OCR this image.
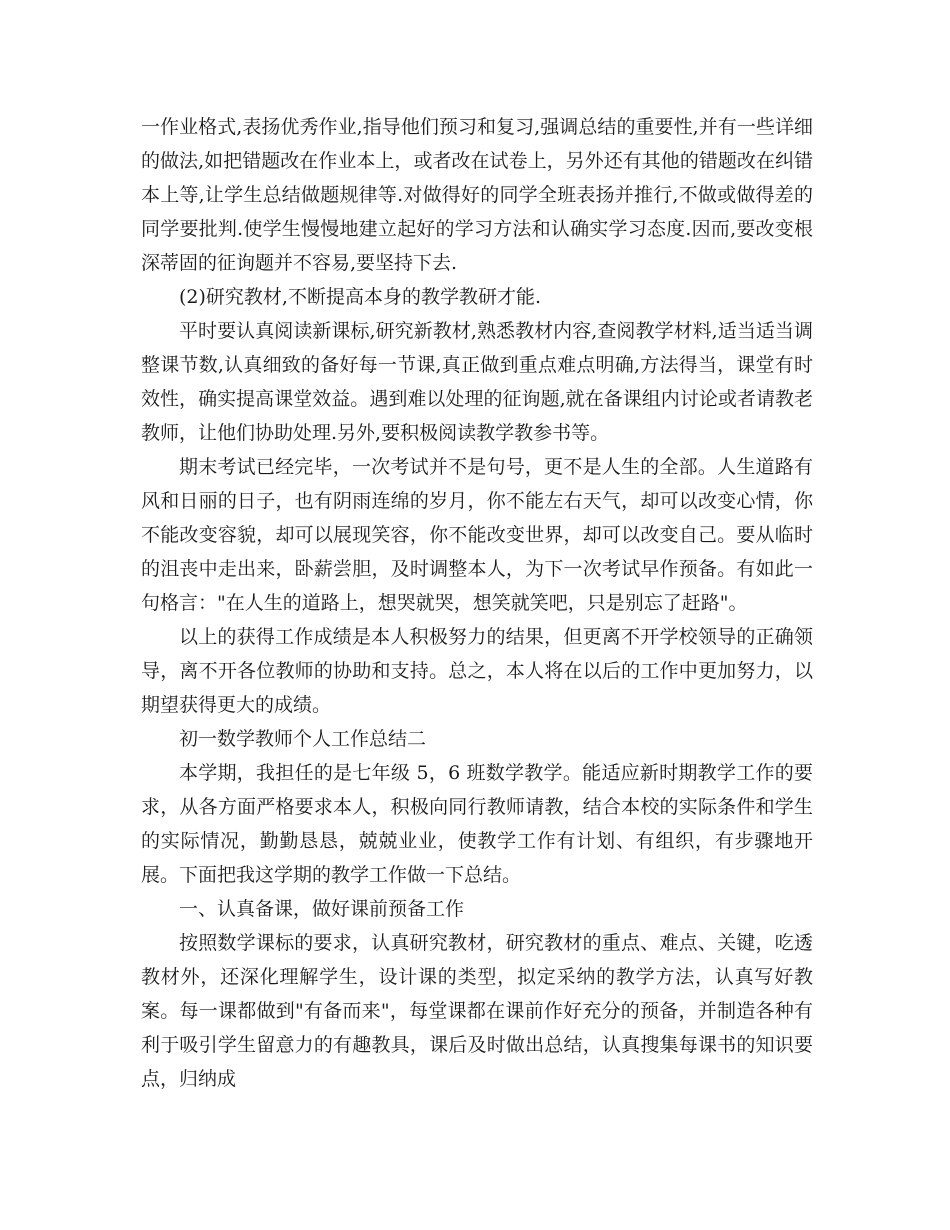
一作业格式,表扬优秀作业,指导他们预习和复习,强调总结的重要性,并有一些详细的做法,如把错题改在作业本上，或者改在试卷上，另外还有其他的错题改在纠错本上等,让学生总结做题规律等.对做得好的同学全班表扬并推行,不做或做得差的同学要批判.使学生慢慢地建立起好的学习方法和认确实学习态度.因而,要改变根深蒂固的征询题并不容易,要坚持下去.

(2)研究教材,不断提高本身的教学教研才能.

平时要认真阅读新课标,研究新教材,熟悉教材内容,查阅教学材料,适当适当调整课节数,认真细致的备好每一节课,真正做到重点难点明确,方法得当，课堂有时效性，确实提高课堂效益。遇到难以处理的征询题,就在备课组内讨论或者请教老教师，让他们协助处理.另外,要积极阅读教学教参书等。

期末考试已经完毕，一次考试并不是句号，更不是人生的全部。人生道路有风和日丽的日子，也有阴雨连绵的岁月，你不能左右天气，却可以改变心情，你不能改变容貌，却可以展现笑容，你不能改变世界，却可以改变自己。要从临时的沮丧中走出来，卧薪尝胆，及时调整本人，为下一次考试早作预备。有如此一句格言："在人生的道路上，想哭就哭，想笑就笑吧，只是别忘了赶路"。

以上的获得工作成绩是本人积极努力的结果，但更离不开学校领导的正确领导，离不开各位教师的协助和支持。总之，本人将在以后的工作中更加努力，以期望获得更大的成绩。

初一数学教师个人工作总结二

本学期，我担任的是七年级 5，6 班数学教学。能适应新时期教学工作的要求，从各方面严格要求本人，积极向同行教师请教，结合本校的实际条件和学生的实际情况，勤勤恳恳，兢兢业业，使教学工作有计划、有组织，有步骤地开展。下面把我这学期的教学工作做一下总结。

一、认真备课，做好课前预备工作

按照数学课标的要求，认真研究教材，研究教材的重点、难点、关键，吃透教材外，还深化理解学生，设计课的类型，拟定采纳的教学方法，认真写好教案。每一课都做到"有备而来"，每堂课都在课前作好充分的预备，并制造各种有利于吸引学生留意力的有趣教具，课后及时做出总结，认真搜集每课书的知识要点，归纳成
